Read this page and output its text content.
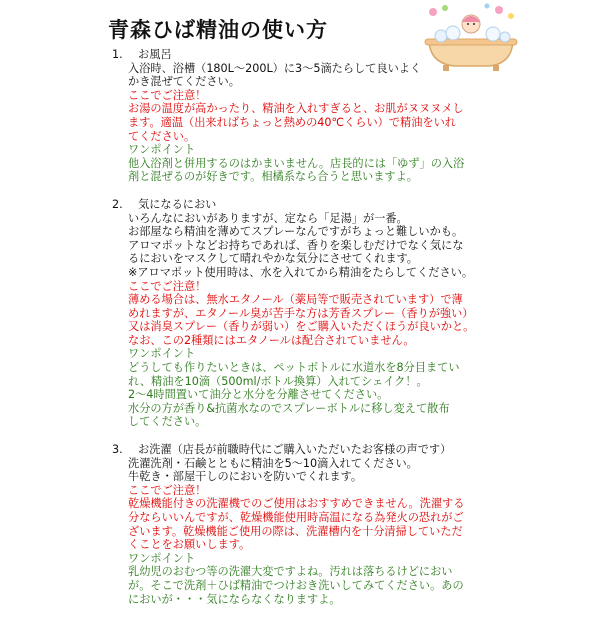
青森ひば精油の使い方
1. お風呂
入浴時、浴槽（180L〜200L）に3〜5滴たらして良いよく
かき混ぜてください。
ここでご注意！
お湯の温度が高かったり、精油を入れすぎると、お肌がヌヌヌメし
ます。適温（出来ればちょっと熱めの40℃くらい）で精油をいれ
てください。
ワンポイント
他入浴剤と併用するのはかまいません。店長的には「ゆず」の入浴
剤と混ぜるのが好きです。相橘系なら合うと思いますよ。
2. 気になるにおい
いろんなにおいがありますが、定なら「足湯」が一番。
お部屋なら精油を薄めてスプレーなんですがちょっと難しいかも。
アロマポットなどお持ちであれば、香りを楽しむだけでなく気にな
るにおいをマスクして晴れやかな気分にさせてくれます。
※アロマポット使用時は、水を入れてから精油をたらしてください。
ここでご注意！
薄める場合は、無水エタノール（薬局等で販売されています）で薄
めれますが、エタノール臭が苦手な方は芳香スプレー（香りが強い）
又は消臭スプレー（香りが弱い）をご購入いただくほうが良いかと。
なお、この2種類にはエタノールは配合されていません。
ワンポイント
どうしても作りたいときは、ペットボトルに水道水を8分目まてい
れ、精油を10滴（500ml/ボトル換算）入れてシェイク！。
2〜4時間置いて油分と水分を分離させてください。
水分の方が香り&抗菌水なのでスプレーボトルに移し変えて散布
してください。
3. お洗濯（店長が前職時代にご購入いただいたお客様の声です）
洗濯洗剤・石鹸とともに精油を5〜10滴入れてください。
牛乾き・部屋干しのにおいを防いでくれます。
ここでご注意！
乾燥機能付きの洗濯機でのご使用はおすすめできません。洗濯する
分ならいいんですが、乾燥機能使用時高温になる為発火の恐れがご
ざいます。乾燥機能ご使用の際は、洗濯槽内を十分清掃していただ
くことをお願いします。
ワンポイント
乳幼児のおむつ等の洗濯大変ですよね。汚れは落ちるけどにおい
が。そこで洗剤＋ひば精油でつけおき洗いしてみてください。あの
においが・・・気にならなくなりますよ。
